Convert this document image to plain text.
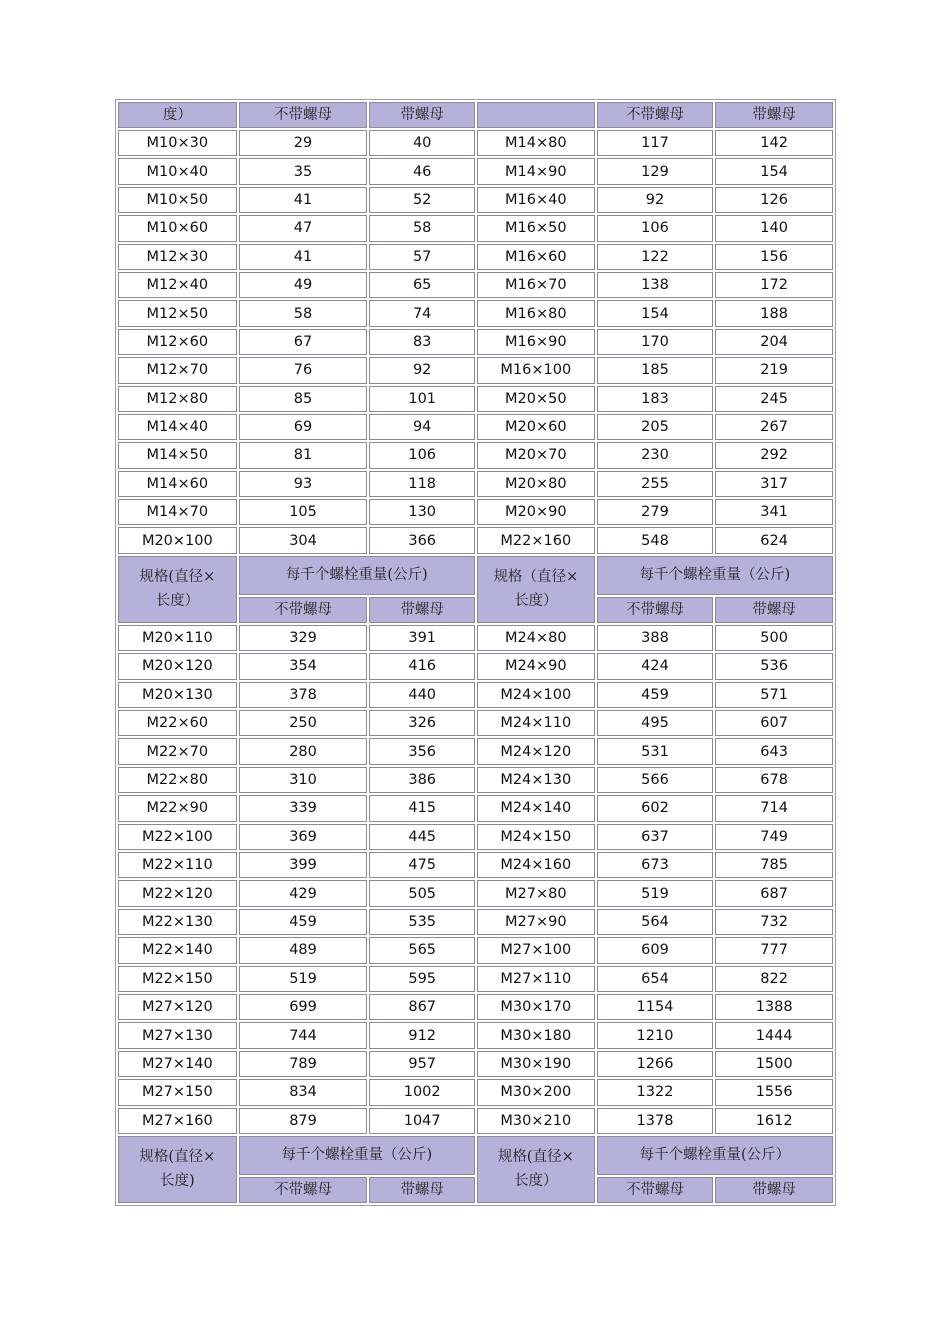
度）	不带螺母	带螺母		不带螺母	带螺母
M10×30	29	40	M14×80	117	142
M10×40	35	46	M14×90	129	154
M10×50	41	52	M16×40	92	126
M10×60	47	58	M16×50	106	140
M12×30	41	57	M16×60	122	156
M12×40	49	65	M16×70	138	172
M12×50	58	74	M16×80	154	188
M12×60	67	83	M16×90	170	204
M12×70	76	92	M16×100	185	219
M12×80	85	101	M20×50	183	245
M14×40	69	94	M20×60	205	267
M14×50	81	106	M20×70	230	292
M14×60	93	118	M20×80	255	317
M14×70	105	130	M20×90	279	341
M20×100	304	366	M22×160	548	624
规格(直径×长度）	每千个螺栓重量(公斤)		规格（直径×长度）	每千个螺栓重量（公斤)	
	不带螺母	带螺母		不带螺母	带螺母
M20×110	329	391	M24×80	388	500
M20×120	354	416	M24×90	424	536
M20×130	378	440	M24×100	459	571
M22×60	250	326	M24×110	495	607
M22×70	280	356	M24×120	531	643
M22×80	310	386	M24×130	566	678
M22×90	339	415	M24×140	602	714
M22×100	369	445	M24×150	637	749
M22×110	399	475	M24×160	673	785
M22×120	429	505	M27×80	519	687
M22×130	459	535	M27×90	564	732
M22×140	489	565	M27×100	609	777
M22×150	519	595	M27×110	654	822
M27×120	699	867	M30×170	1154	1388
M27×130	744	912	M30×180	1210	1444
M27×140	789	957	M30×190	1266	1500
M27×150	834	1002	M30×200	1322	1556
M27×160	879	1047	M30×210	1378	1612
规格(直径×长度)	每千个螺栓重量（公斤)		规格(直径×长度）	每千个螺栓重量(公斤）	
	不带螺母	带螺母		不带螺母	带螺母
